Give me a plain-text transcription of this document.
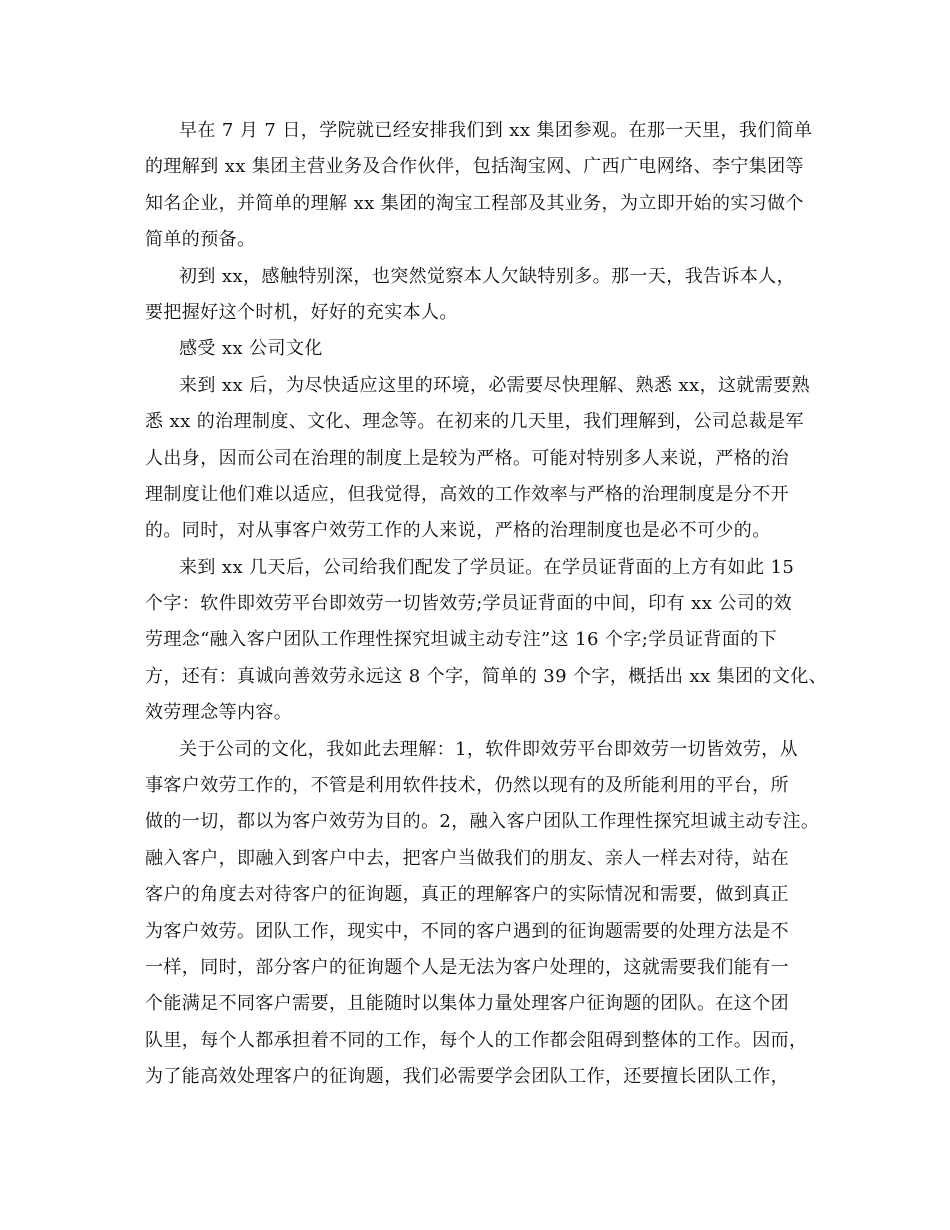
早在 7 月 7 日，学院就已经安排我们到 xx 集团参观。在那一天里，我们简单
的理解到 xx 集团主营业务及合作伙伴，包括淘宝网、广西广电网络、李宁集团等
知名企业，并简单的理解 xx 集团的淘宝工程部及其业务，为立即开始的实习做个
简单的预备。

初到 xx，感触特别深，也突然觉察本人欠缺特别多。那一天，我告诉本人，
要把握好这个时机，好好的充实本人。

感受 xx 公司文化

来到 xx 后，为尽快适应这里的环境，必需要尽快理解、熟悉 xx，这就需要熟
悉 xx 的治理制度、文化、理念等。在初来的几天里，我们理解到，公司总裁是军
人出身，因而公司在治理的制度上是较为严格。可能对特别多人来说，严格的治
理制度让他们难以适应，但我觉得，高效的工作效率与严格的治理制度是分不开
的。同时，对从事客户效劳工作的人来说，严格的治理制度也是必不可少的。

来到 xx 几天后，公司给我们配发了学员证。在学员证背面的上方有如此 15
个字：软件即效劳平台即效劳一切皆效劳;学员证背面的中间，印有 xx 公司的效
劳理念“融入客户团队工作理性探究坦诚主动专注”这 16 个字;学员证背面的下
方，还有：真诚向善效劳永远这 8 个字，简单的 39 个字，概括出 xx 集团的文化、
效劳理念等内容。

关于公司的文化，我如此去理解：1，软件即效劳平台即效劳一切皆效劳，从
事客户效劳工作的，不管是利用软件技术，仍然以现有的及所能利用的平台，所
做的一切，都以为客户效劳为目的。2，融入客户团队工作理性探究坦诚主动专注。
融入客户，即融入到客户中去，把客户当做我们的朋友、亲人一样去对待，站在
客户的角度去对待客户的征询题，真正的理解客户的实际情况和需要，做到真正
为客户效劳。团队工作，现实中，不同的客户遇到的征询题需要的处理方法是不
一样，同时，部分客户的征询题个人是无法为客户处理的，这就需要我们能有一
个能满足不同客户需要，且能随时以集体力量处理客户征询题的团队。在这个团
队里，每个人都承担着不同的工作，每个人的工作都会阻碍到整体的工作。因而，
为了能高效处理客户的征询题，我们必需要学会团队工作，还要擅长团队工作，
